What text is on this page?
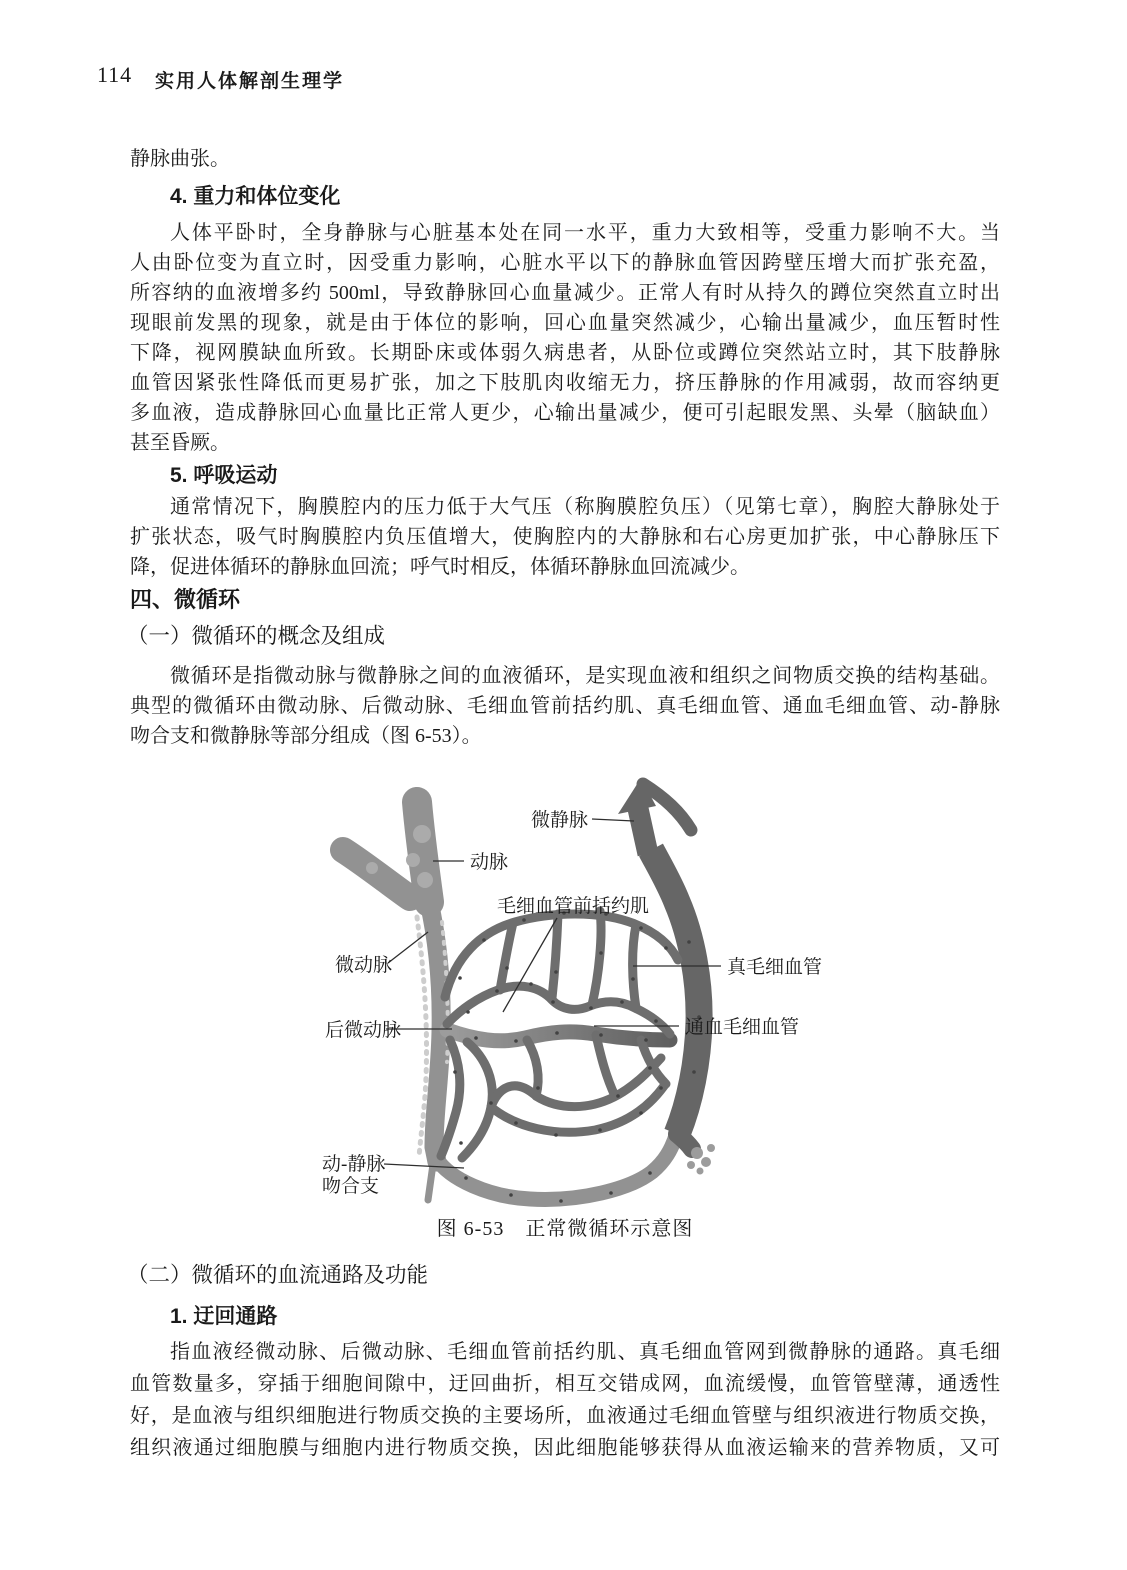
114 实用人体解剖生理学
静脉曲张。
4. 重力和体位变化
人体平卧时，全身静脉与心脏基本处在同一水平，重力大致相等，受重力影响不大。当
人由卧位变为直立时，因受重力影响，心脏水平以下的静脉血管因跨壁压增大而扩张充盈，
所容纳的血液增多约 500ml，导致静脉回心血量减少。正常人有时从持久的蹲位突然直立时出
现眼前发黑的现象，就是由于体位的影响，回心血量突然减少，心输出量减少，血压暂时性
下降，视网膜缺血所致。长期卧床或体弱久病患者，从卧位或蹲位突然站立时，其下肢静脉
血管因紧张性降低而更易扩张，加之下肢肌肉收缩无力，挤压静脉的作用减弱，故而容纳更
多血液，造成静脉回心血量比正常人更少，心输出量减少，便可引起眼发黑、头晕（脑缺血）
甚至昏厥。
5. 呼吸运动
通常情况下，胸膜腔内的压力低于大气压（称胸膜腔负压）（见第七章），胸腔大静脉处于
扩张状态，吸气时胸膜腔内负压值增大，使胸腔内的大静脉和右心房更加扩张，中心静脉压下
降，促进体循环的静脉血回流；呼气时相反，体循环静脉血回流减少。
四、微循环
（一）微循环的概念及组成
微循环是指微动脉与微静脉之间的血液循环，是实现血液和组织之间物质交换的结构基础。
典型的微循环由微动脉、后微动脉、毛细血管前括约肌、真毛细血管、通血毛细血管、动-静脉
吻合支和微静脉等部分组成（图 6-53）。
微静脉
动脉
毛细血管前括约肌
微动脉	真毛细血管
后微动脉	通血毛细血管
动-静脉
吻合支
图 6-53　正常微循环示意图
（二）微循环的血流通路及功能
1. 迂回通路
指血液经微动脉、后微动脉、毛细血管前括约肌、真毛细血管网到微静脉的通路。真毛细
血管数量多，穿插于细胞间隙中，迂回曲折，相互交错成网，血流缓慢，血管管壁薄，通透性
好，是血液与组织细胞进行物质交换的主要场所，血液通过毛细血管壁与组织液进行物质交换，
组织液通过细胞膜与细胞内进行物质交换，因此细胞能够获得从血液运输来的营养物质，又可
